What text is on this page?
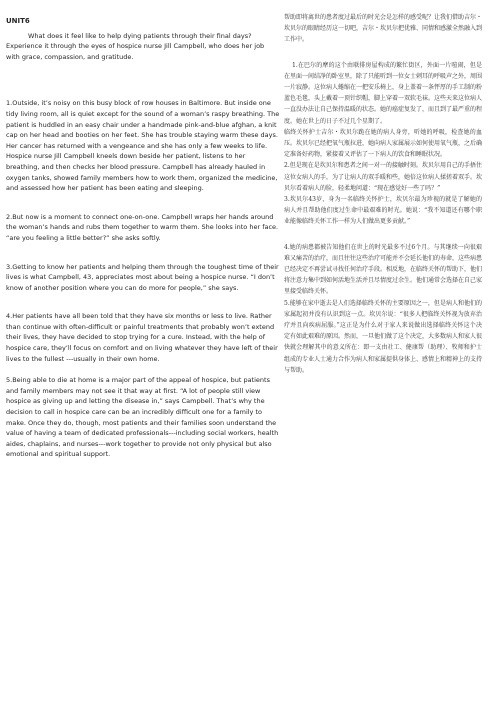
UNIT6

What does it feel like to help dying patients through their final days? Experience it through the eyes of hospice nurse Jill Campbell, who does her job with grace, compassion, and gratitude.

1.Outside, it’s noisy on this busy block of row houses in Baltimore. But inside one tidy living room, all is quiet except for the sound of a woman’s raspy breathing. The patient is huddled in an easy chair under a handmade pink-and-blue afghan, a knit cap on her head and booties on her feet. She has trouble staying warm these days. Her cancer has returned with a vengeance and she has only a few weeks to life.

Hospice nurse Jill Campbell kneels down beside her patient, listens to her breathing, and then checks her blood pressure. Campbell has already hauled in oxygen tanks, showed family members how to work them, organized the medicine, and assessed how her patient has been eating and sleeping.

2.But now is a moment to connect one-on-one. Campbell wraps her hands around the woman’s hands and rubs them together to warm them. She looks into her face. “are you feeling a little better?” she asks softly.

3.Getting to know her patients and helping them through the toughest time of their lives is what Campbell, 43, appreciates most about being a hospice nurse. “I don’t know of another position where you can do more for people,” she says.

4.Her patients have all been told that they have six months or less to live. Rather than continue with often-difficult or painful treatments that probably won’t extend their lives, they have decided to stop trying for a cure. Instead, with the help of hospice care, they’ll focus on comfort and on living whatever they have left of their lives to the fullest ---usually in their own home.

5.Being able to die at home is a major part of the appeal of hospice, but patients and family members may not see it that way at first. “A lot of people still view hospice as giving up and letting the disease in,” says Campbell. That’s why the decision to call in hospice care can be an incredibly difficult one for a family to make. Once they do, though, most patients and their families soon understand the value of having a team of dedicated professionals---including social workers, health aides, chaplains, and nurses---work together to provide not only physical but also emotional and spiritual support.

帮助即将离世的患者度过最后的时光会是怎样的感受呢？让我们借助吉尔・坎贝尔的眼睛经历这一切吧，吉尔・坎贝尔把优雅、同情和感激全然融入到工作中。

1.在巴尔的摩的这个由联排房屋构成的繁忙街区，外面一片喧闹，但是在里面一间结净的卧室里，除了只能听到一位女士刺耳的呼吸声之外，周围一片寂静。这位病人蜷缩在一把安乐椅上，身上盖着一条怦厚的手工制的粉蓝色毛毯，头上戴着一顶针织帽，脚上穿着一双软毛袜。这些天来这位病人一直没办法让自己保持温暖的状态。她的癌症复发了，而且到了最严重的程度。她在世上的日子不过几个星期了。

临终关怀护士吉尔・坎贝尔跪在她的病人身旁，听她的呼吸，检查她的血压。坎贝尔已经把氧气瓶拉进，她向病人家属展示如何使用氧气瓶，之后确定准备好药物，紧接着又评估了一下病人的饮食和睡眠状况。

2.但是现在是坎贝尔和患者之间一对一的接触时刻。坎贝尔用自己的手捂住这位女病人的手，为了让病人的双手暖和些，她倍这位病人揉搓着双手。坎贝尔看着病人的脸，轻柔地问道：“现在感觉好一些了吗？”

3.坎贝尔43岁，身为一名临终关怀护士，坎贝尔最为珍视的就是了解她的病人并且帮助他们度过生命中最艰难的时光。她说：“我不知道还有哪个职业能像临终关怀工作一样为人们做出更多贡献。”

4.她的病患都被告知他们在世上的时光最多不过6个月。与其继续一向很艰难又痛苦的治疗，而且往往这些治疗可能并不会延长他们的寿命，这些病患已经决定不再尝试寻找任何治疗手段。相反地，在临终关怀的帮助下，他们将注意力集中到如何活地生活并且尽情度过余生。他们通常会选择在自己家里接受临终关怀。

5.能够在家中逝去是人们选择临终关怀的主要原因之一，但是病人和他们的家属起初并没有认识到这一点。坎贝尔说：“很多人把临终关怀视为放弃治疗并且向疾病屈服。”这正是为什么对于家人来说做出选择临终关怀这个决定有如此艰难的原因。然而，一旦他们做了这个决定，大多数病人和家人很快就会理解其中的意义所在：即一支由社工、健康帮（助理）、牧师和护士组成的专业人士通力合作为病人和家属提供身体上、感情上和精神上的支持与帮助。
